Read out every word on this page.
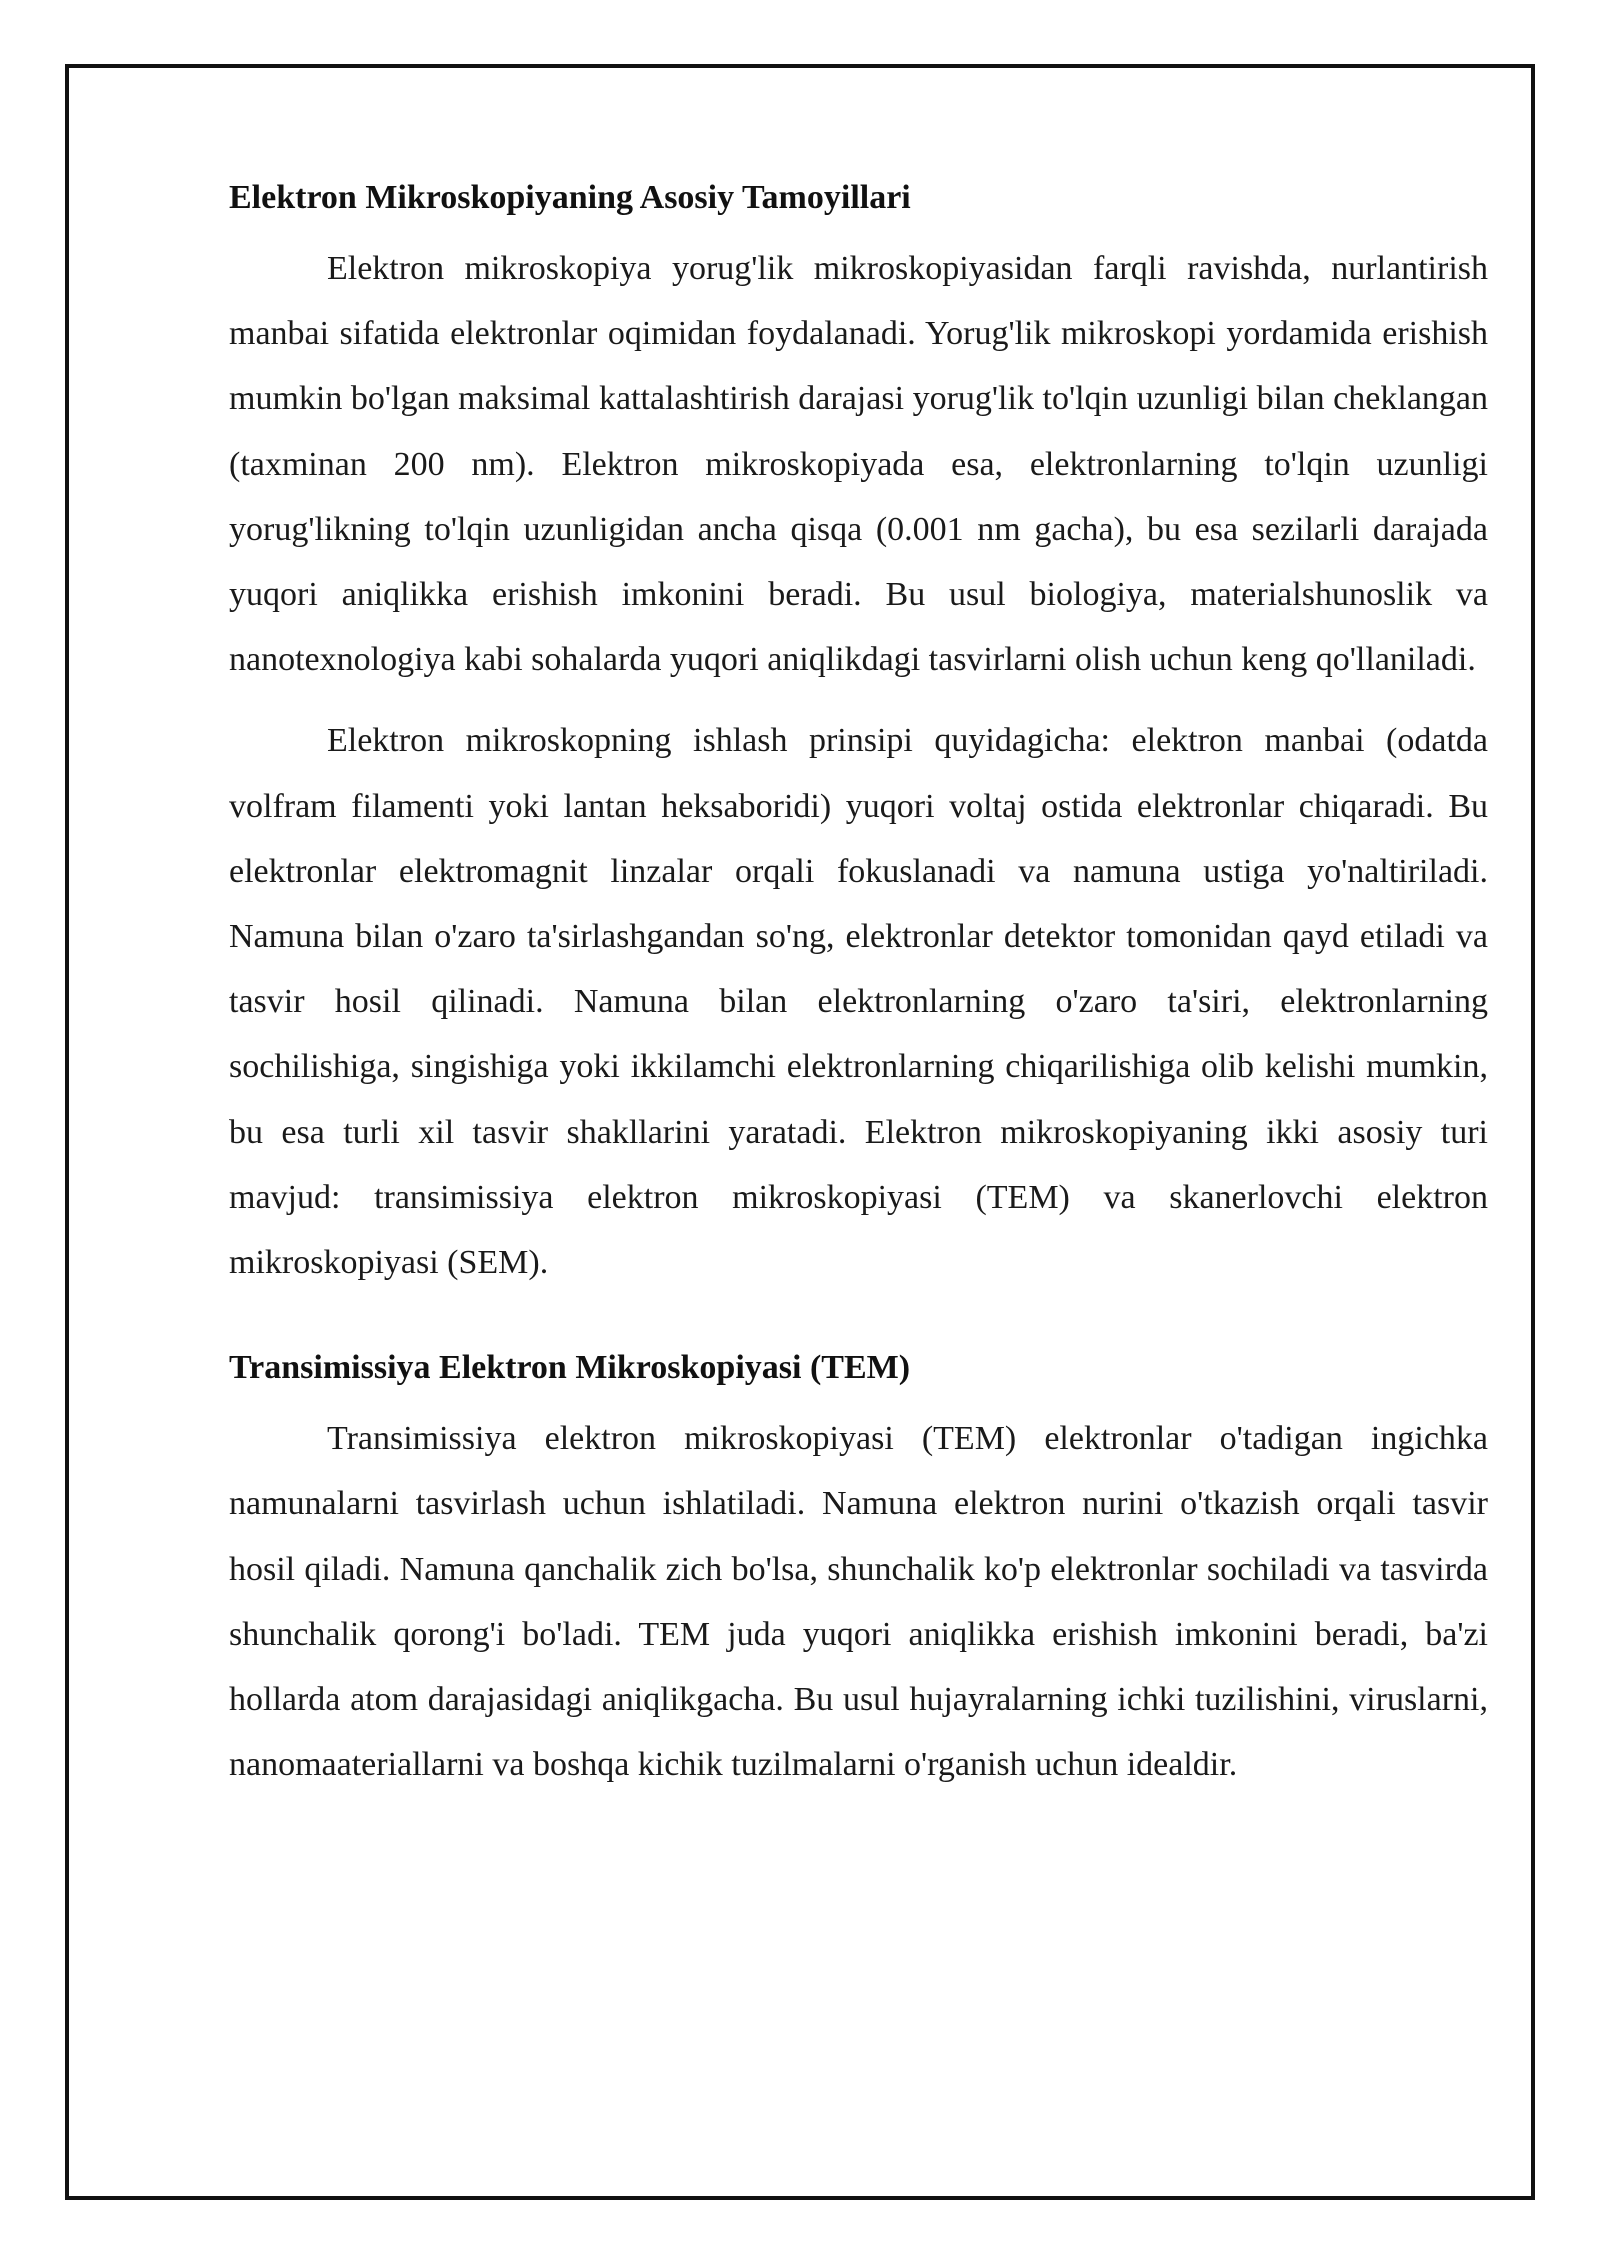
Elektron Mikroskopiyaning Asosiy Tamoyillari

Elektron mikroskopiya yorug'lik mikroskopiyasidan farqli ravishda, nurlantirish manbai sifatida elektronlar oqimidan foydalanadi. Yorug'lik mikroskopi yordamida erishish mumkin bo'lgan maksimal kattalashtirish darajasi yorug'lik to'lqin uzunligi bilan cheklangan (taxminan 200 nm). Elektron mikroskopiyada esa, elektronlarning to'lqin uzunligi yorug'likning to'lqin uzunligidan ancha qisqa (0.001 nm gacha), bu esa sezilarli darajada yuqori aniqlikka erishish imkonini beradi. Bu usul biologiya, materialshunoslik va nanotexnologiya kabi sohalarda yuqori aniqlikdagi tasvirlarni olish uchun keng qo'llaniladi.

Elektron mikroskopning ishlash prinsipi quyidagicha: elektron manbai (odatda volfram filamenti yoki lantan heksaboridi) yuqori voltaj ostida elektronlar chiqaradi. Bu elektronlar elektromagnit linzalar orqali fokuslanadi va namuna ustiga yo'naltiriladi. Namuna bilan o'zaro ta'sirlashgandan so'ng, elektronlar detektor tomonidan qayd etiladi va tasvir hosil qilinadi. Namuna bilan elektronlarning o'zaro ta'siri, elektronlarning sochilishiga, singishiga yoki ikkilamchi elektronlarning chiqarilishiga olib kelishi mumkin, bu esa turli xil tasvir shakllarini yaratadi. Elektron mikroskopiyaning ikki asosiy turi mavjud: transimissiya elektron mikroskopiyasi (TEM) va skanerlovchi elektron mikroskopiyasi (SEM).

Transimissiya Elektron Mikroskopiyasi (TEM)

Transimissiya elektron mikroskopiyasi (TEM) elektronlar o'tadigan ingichka namunalarni tasvirlash uchun ishlatiladi. Namuna elektron nurini o'tkazish orqali tasvir hosil qiladi. Namuna qanchalik zich bo'lsa, shunchalik ko'p elektronlar sochiladi va tasvirda shunchalik qorong'i bo'ladi. TEM juda yuqori aniqlikka erishish imkonini beradi, ba'zi hollarda atom darajasidagi aniqlikgacha. Bu usul hujayralarning ichki tuzilishini, viruslarni, nanomaateriallarni va boshqa kichik tuzilmalarni o'rganish uchun idealdir.
